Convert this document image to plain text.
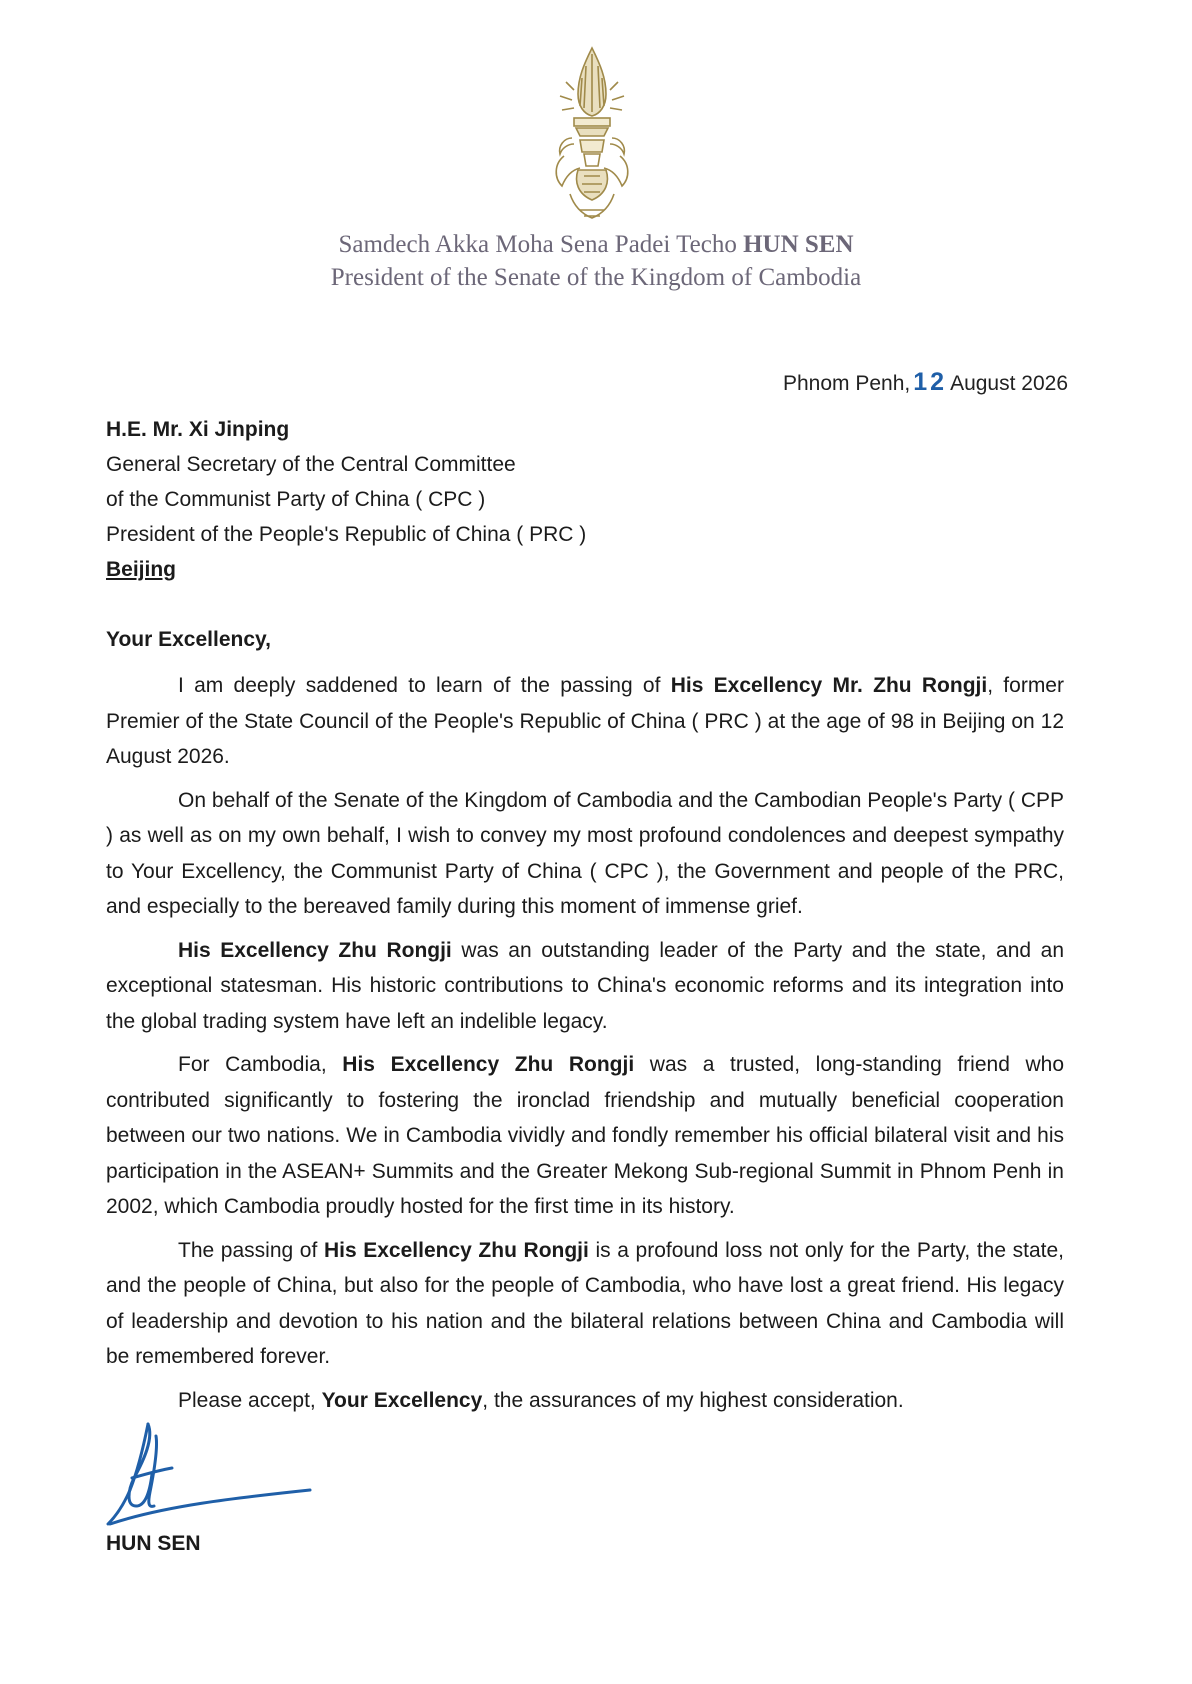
Samdech Akka Moha Sena Padei Techo HUN SEN
President of the Senate of the Kingdom of Cambodia
Phnom Penh, 12 August 2026
H.E. Mr. Xi Jinping
General Secretary of the Central Committee
of the Communist Party of China ( CPC )
President of the People's Republic of China ( PRC )
Beijing
Your Excellency,

I am deeply saddened to learn of the passing of His Excellency Mr. Zhu Rongji, former Premier of the State Council of the People's Republic of China ( PRC ) at the age of 98 in Beijing on 12 August 2026.

On behalf of the Senate of the Kingdom of Cambodia and the Cambodian People's Party ( CPP ) as well as on my own behalf, I wish to convey my most profound condolences and deepest sympathy to Your Excellency, the Communist Party of China ( CPC ), the Government and people of the PRC, and especially to the bereaved family during this moment of immense grief.

His Excellency Zhu Rongji was an outstanding leader of the Party and the state, and an exceptional statesman. His historic contributions to China's economic reforms and its integration into the global trading system have left an indelible legacy.

For Cambodia, His Excellency Zhu Rongji was a trusted, long-standing friend who contributed significantly to fostering the ironclad friendship and mutually beneficial cooperation between our two nations. We in Cambodia vividly and fondly remember his official bilateral visit and his participation in the ASEAN+ Summits and the Greater Mekong Sub-regional Summit in Phnom Penh in 2002, which Cambodia proudly hosted for the first time in its history.

The passing of His Excellency Zhu Rongji is a profound loss not only for the Party, the state, and the people of China, but also for the people of Cambodia, who have lost a great friend. His legacy of leadership and devotion to his nation and the bilateral relations between China and Cambodia will be remembered forever.

Please accept, Your Excellency, the assurances of my highest consideration.

HUN SEN
